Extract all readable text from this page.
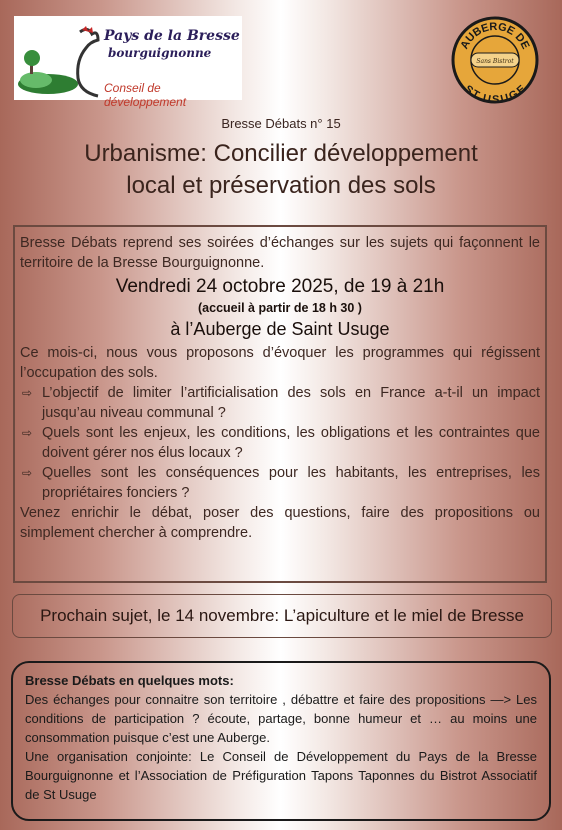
Pays de la Bresse
bourguignonne
Conseil de développement
AUBERGE DE
ST USUGE
Sans Bistrot
Bresse Débats n° 15
Urbanisme: Concilier développement
local et préservation des sols

Bresse Débats reprend ses soirées d’échanges sur les sujets qui façonnent le territoire de la Bresse Bourguignonne.

Vendredi 24 octobre 2025, de 19 à 21h

(accueil à partir de 18 h 30 )

à l’Auberge de Saint Usuge

Ce mois-ci, nous vous proposons d’évoquer les programmes qui régissent l’occupation des sols.

⇨ L’objectif de limiter l’artificialisation des sols en France a-t-il un impact jusqu’au niveau communal ?
⇨ Quels sont les enjeux, les conditions, les obligations et les contraintes que doivent gérer nos élus locaux ?
⇨ Quelles sont les conséquences pour les habitants, les entreprises, les propriétaires fonciers ?

Venez enrichir le débat, poser des questions, faire des propositions ou simplement chercher à comprendre.

Prochain sujet, le 14 novembre: L’apiculture et le miel de Bresse

Bresse Débats en quelques mots:

Des échanges pour connaitre son territoire , débattre et faire des propositions —> Les conditions de participation ? écoute, partage, bonne humeur et … au moins une consommation puisque c’est une Auberge.

Une organisation conjointe: Le Conseil de Développement du Pays de la Bresse Bourguignonne et l’Association de Préfiguration Tapons Taponnes du Bistrot Associatif de St Usuge
